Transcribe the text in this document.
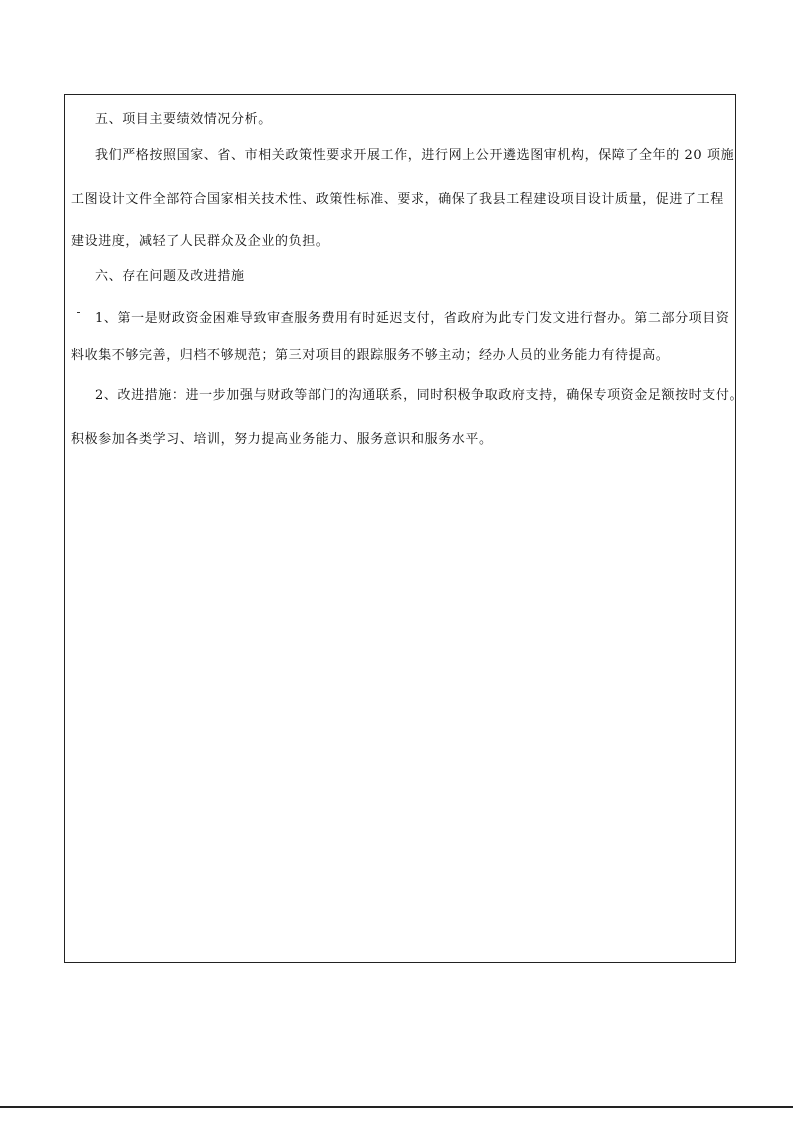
五、项目主要绩效情况分析。

我们严格按照国家、省、市相关政策性要求开展工作，进行网上公开遴选图审机构，保障了全年的 20 项施

工图设计文件全部符合国家相关技术性、政策性标准、要求，确保了我县工程建设项目设计质量，促进了工程

建设进度，减轻了人民群众及企业的负担。

六、存在问题及改进措施

1、第一是财政资金困难导致审查服务费用有时延迟支付，省政府为此专门发文进行督办。第二部分项目资

料收集不够完善，归档不够规范；第三对项目的跟踪服务不够主动；经办人员的业务能力有待提高。

2、改进措施：进一步加强与财政等部门的沟通联系，同时积极争取政府支持，确保专项资金足额按时支付。

积极参加各类学习、培训，努力提高业务能力、服务意识和服务水平。
